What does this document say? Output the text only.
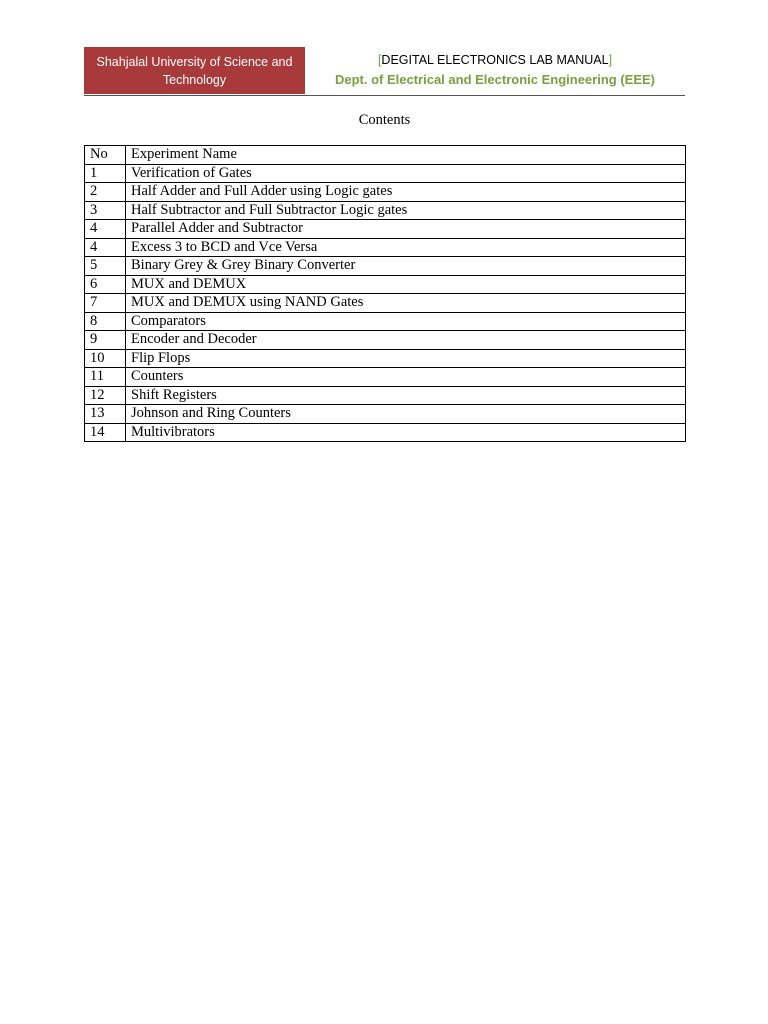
Shahjalal University of Science and
Technology
[DEGITAL ELECTRONICS LAB MANUAL]
Dept. of Electrical and Electronic Engineering (EEE)
Contents
No	Experiment Name
1	Verification of Gates
2	Half Adder and Full Adder using Logic gates
3	Half Subtractor and Full Subtractor Logic gates
4	Parallel Adder and Subtractor
4	Excess 3 to BCD and Vce Versa
5	Binary Grey & Grey Binary Converter
6	MUX and DEMUX
7	MUX and DEMUX using NAND Gates
8	Comparators
9	Encoder and Decoder
10	Flip Flops
11	Counters
12	Shift Registers
13	Johnson and Ring Counters
14	Multivibrators
